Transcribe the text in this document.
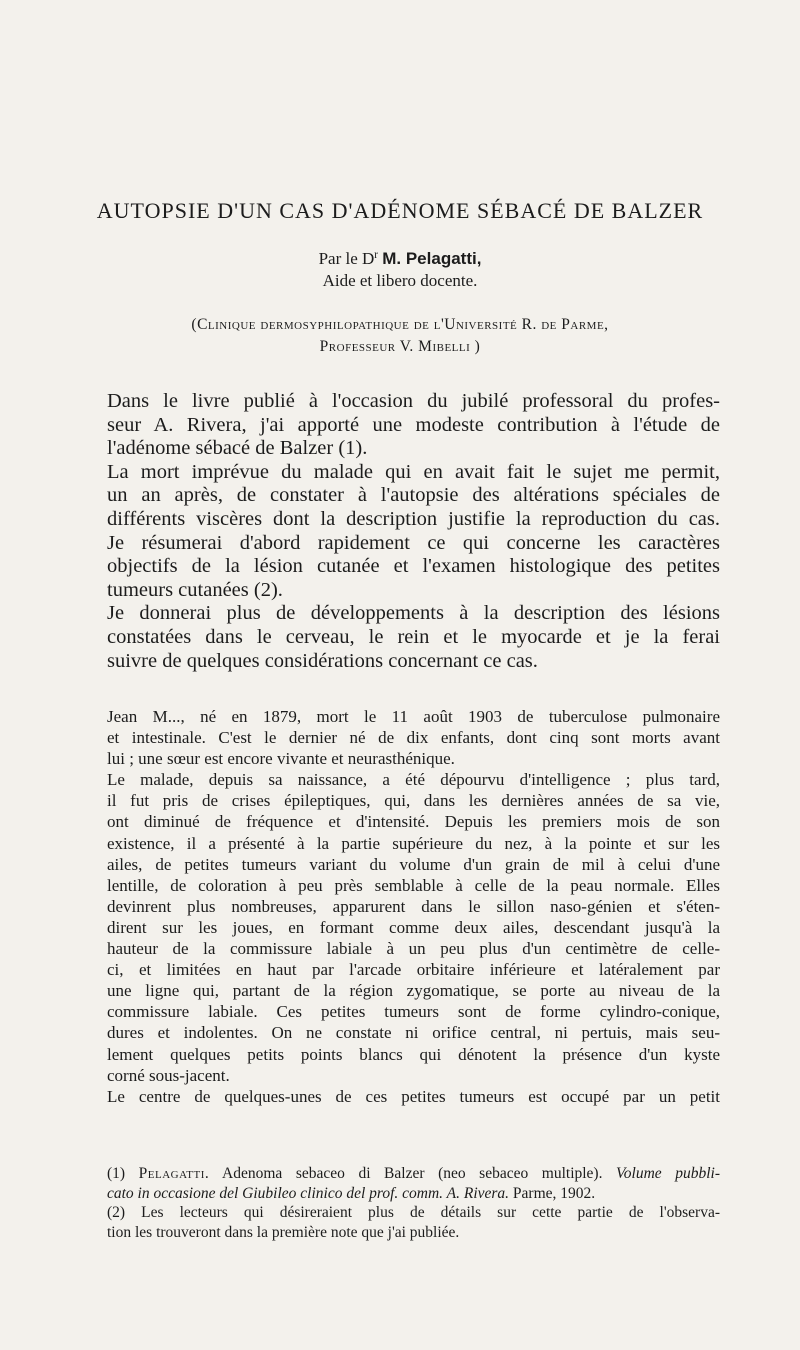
AUTOPSIE D'UN CAS D'ADÉNOME SÉBACÉ DE BALZER
Par le $D^r$ M. Pelagatti,
Aide et libero docente.
(Clinique dermosyphilopathique de l'Université R. de Parme,
Professeur V. Mibelli )
Dans le livre publié à l'occasion du jubilé professoral du profes-
seur A. Rivera, j'ai apporté une modeste contribution à l'étude de
l'adénome sébacé de Balzer (1).
La mort imprévue du malade qui en avait fait le sujet me permit,
un an après, de constater à l'autopsie des altérations spéciales de
différents viscères dont la description justifie la reproduction du cas.
Je résumerai d'abord rapidement ce qui concerne les caractères
objectifs de la lésion cutanée et l'examen histologique des petites
tumeurs cutanées (2).
Je donnerai plus de développements à la description des lésions
constatées dans le cerveau, le rein et le myocarde et je la ferai
suivre de quelques considérations concernant ce cas.
Jean M..., né en 1879, mort le 11 août 1903 de tuberculose pulmonaire
et intestinale. C'est le dernier né de dix enfants, dont cinq sont morts avant
lui ; une sœur est encore vivante et neurasthénique.
Le malade, depuis sa naissance, a été dépourvu d'intelligence ; plus tard,
il fut pris de crises épileptiques, qui, dans les dernières années de sa vie,
ont diminué de fréquence et d'intensité. Depuis les premiers mois de son
existence, il a présenté à la partie supérieure du nez, à la pointe et sur les
ailes, de petites tumeurs variant du volume d'un grain de mil à celui d'une
lentille, de coloration à peu près semblable à celle de la peau normale. Elles
devinrent plus nombreuses, apparurent dans le sillon naso-génien et s'éten-
dirent sur les joues, en formant comme deux ailes, descendant jusqu'à la
hauteur de la commissure labiale à un peu plus d'un centimètre de celle-
ci, et limitées en haut par l'arcade orbitaire inférieure et latéralement par
une ligne qui, partant de la région zygomatique, se porte au niveau de la
commissure labiale. Ces petites tumeurs sont de forme cylindro-conique,
dures et indolentes. On ne constate ni orifice central, ni pertuis, mais seu-
lement quelques petits points blancs qui dénotent la présence d'un kyste
corné sous-jacent.
Le centre de quelques-unes de ces petites tumeurs est occupé par un petit
(1) Pelagatti. Adenoma sebaceo di Balzer (neo sebaceo multiple). Volume pubbli-
cato in occasione del Giubileo clinico del prof. comm. A. Rivera. Parme, 1902.
(2) Les lecteurs qui désireraient plus de détails sur cette partie de l'observa-
tion les trouveront dans la première note que j'ai publiée.
